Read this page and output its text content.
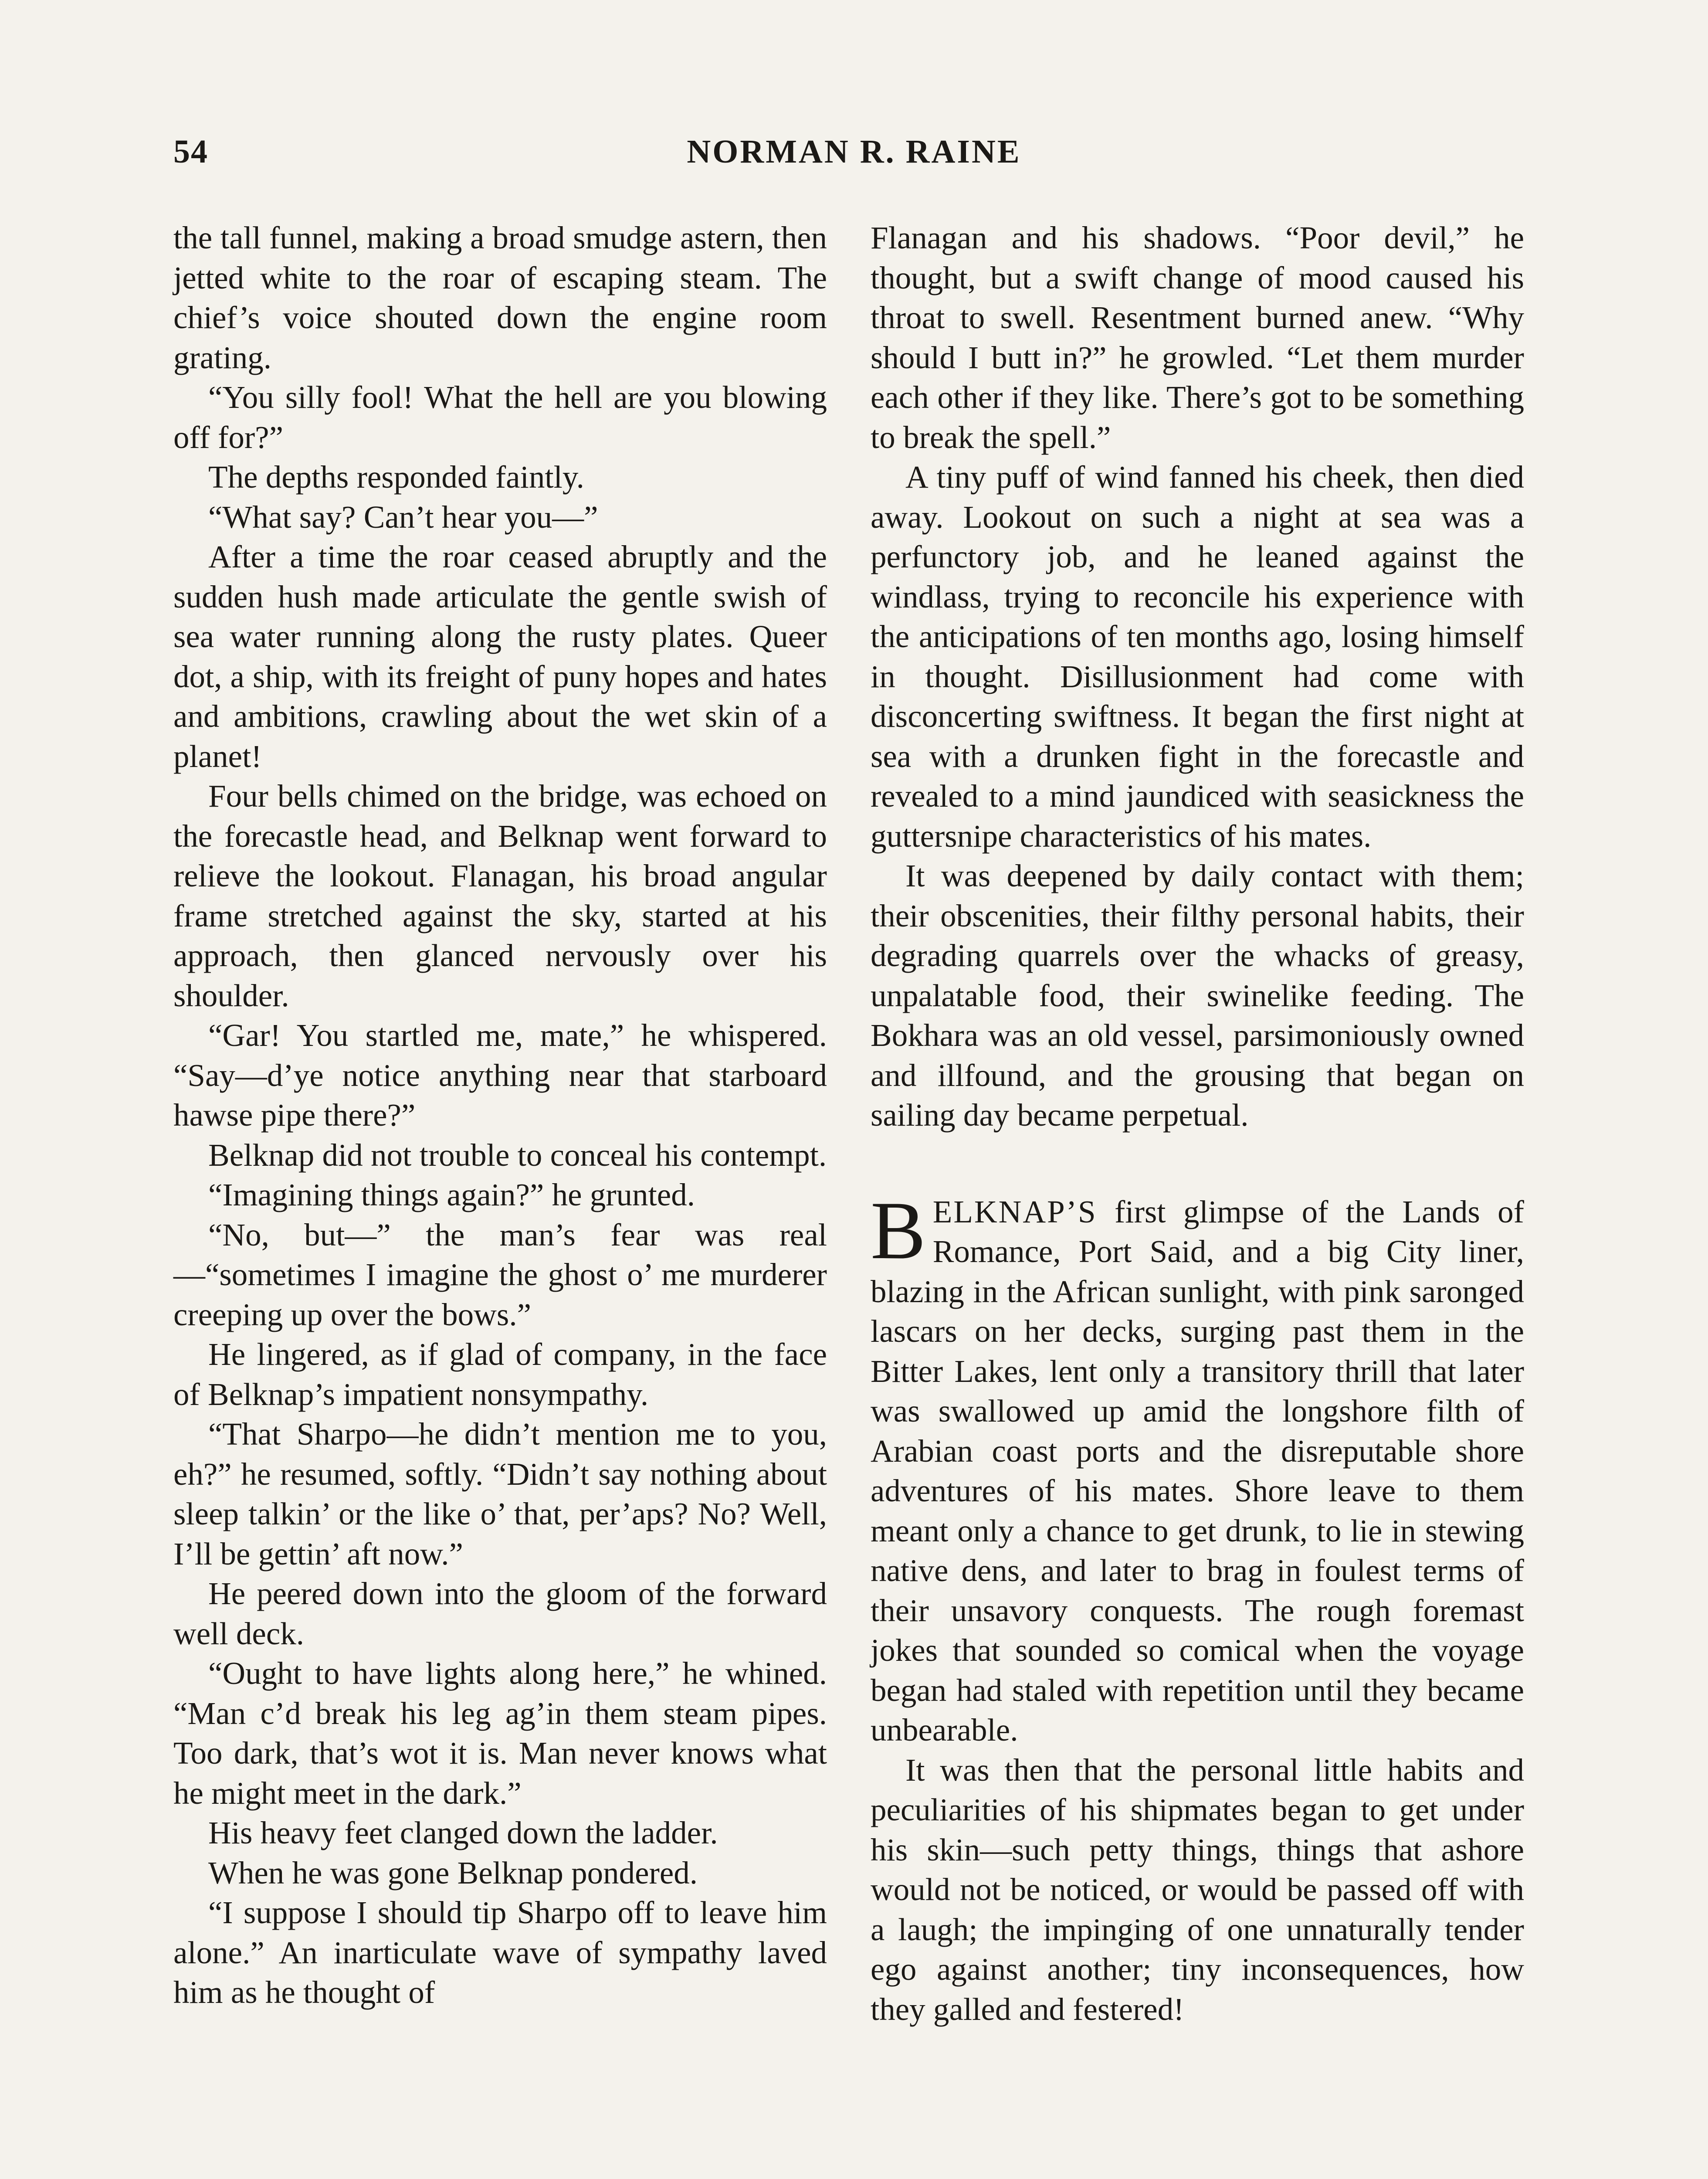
54	NORMAN R. RAINE

the tall funnel, making a broad smudge astern, then jetted white to the roar of escaping steam. The chief’s voice shouted down the engine room grating.

“You silly fool! What the hell are you blowing off for?”

The depths responded faintly.

“What say? Can’t hear you—”

After a time the roar ceased abruptly and the sudden hush made articulate the gentle swish of sea water running along the rusty plates. Queer dot, a ship, with its freight of puny hopes and hates and ambitions, crawling about the wet skin of a planet!

Four bells chimed on the bridge, was echoed on the forecastle head, and Belknap went forward to relieve the lookout. Flanagan, his broad angular frame stretched against the sky, started at his approach, then glanced nervously over his shoulder.

“Gar! You startled me, mate,” he whispered. “Say—d’ye notice anything near that starboard hawse pipe there?”

Belknap did not trouble to conceal his contempt.

“Imagining things again?” he grunted.

“No, but—” the man’s fear was real—“sometimes I imagine the ghost o’ me murderer creeping up over the bows.”

He lingered, as if glad of company, in the face of Belknap’s impatient nonsympathy.

“That Sharpo—he didn’t mention me to you, eh?” he resumed, softly. “Didn’t say nothing about sleep talkin’ or the like o’ that, per’aps? No? Well, I’ll be gettin’ aft now.”

He peered down into the gloom of the forward well deck.

“Ought to have lights along here,” he whined. “Man c’d break his leg ag’in them steam pipes. Too dark, that’s wot it is. Man never knows what he might meet in the dark.”

His heavy feet clanged down the ladder.

When he was gone Belknap pondered.

“I suppose I should tip Sharpo off to leave him alone.” An inarticulate wave of sympathy laved him as he thought of

Flanagan and his shadows. “Poor devil,” he thought, but a swift change of mood caused his throat to swell. Resentment burned anew. “Why should I butt in?” he growled. “Let them murder each other if they like. There’s got to be something to break the spell.”

A tiny puff of wind fanned his cheek, then died away. Lookout on such a night at sea was a perfunctory job, and he leaned against the windlass, trying to reconcile his experience with the anticipations of ten months ago, losing himself in thought. Disillusionment had come with disconcerting swiftness. It began the first night at sea with a drunken fight in the forecastle and revealed to a mind jaundiced with seasickness the guttersnipe characteristics of his mates.

It was deepened by daily contact with them; their obscenities, their filthy personal habits, their degrading quarrels over the whacks of greasy, unpalatable food, their swinelike feeding. The Bokhara was an old vessel, parsimoniously owned and illfound, and the grousing that began on sailing day became perpetual.

BELKNAP’S first glimpse of the Lands of Romance, Port Said, and a big City liner, blazing in the African sunlight, with pink saronged lascars on her decks, surging past them in the Bitter Lakes, lent only a transitory thrill that later was swallowed up amid the longshore filth of Arabian coast ports and the disreputable shore adventures of his mates. Shore leave to them meant only a chance to get drunk, to lie in stewing native dens, and later to brag in foulest terms of their unsavory conquests. The rough foremast jokes that sounded so comical when the voyage began had staled with repetition until they became unbearable.

It was then that the personal little habits and peculiarities of his shipmates began to get under his skin—such petty things, things that ashore would not be noticed, or would be passed off with a laugh; the impinging of one unnaturally tender ego against another; tiny inconsequences, how they galled and festered!
